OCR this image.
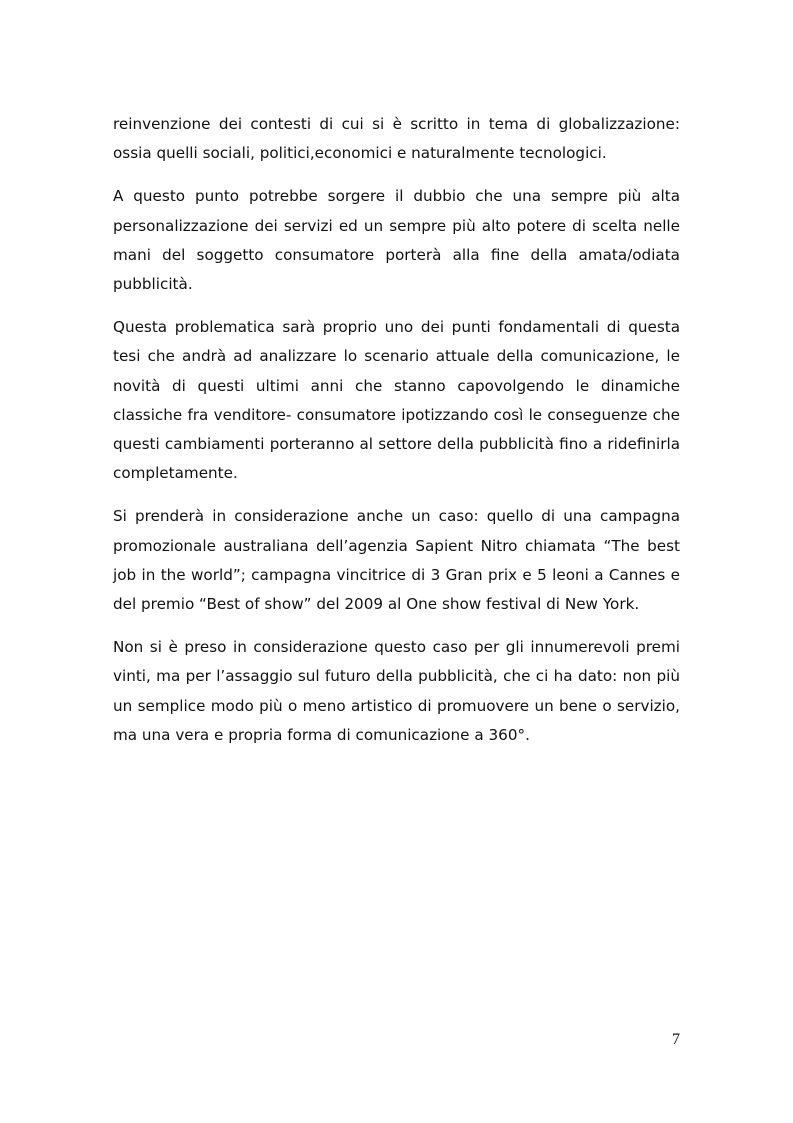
reinvenzione dei contesti di cui si è scritto in tema di globalizzazione: ossia quelli sociali, politici,economici e naturalmente tecnologici.

A questo punto potrebbe sorgere il dubbio che una sempre più alta personalizzazione dei servizi ed un sempre più alto potere di scelta nelle mani del soggetto consumatore porterà alla fine della amata/odiata pubblicità.

Questa problematica sarà proprio uno dei punti fondamentali di questa tesi che andrà ad analizzare lo scenario attuale della comunicazione, le novità di questi ultimi anni che stanno capovolgendo le dinamiche classiche fra venditore- consumatore ipotizzando così le conseguenze che questi cambiamenti porteranno al settore della pubblicità fino a ridefinirla completamente.

Si prenderà in considerazione anche un caso: quello di una campagna promozionale australiana dell’agenzia Sapient Nitro chiamata “The best job in the world”; campagna vincitrice di 3 Gran prix e 5 leoni a Cannes e del premio “Best of show” del 2009 al One show festival di New York.

Non si è preso in considerazione questo caso per gli innumerevoli premi vinti, ma per l’assaggio sul futuro della pubblicità, che ci ha dato: non più un semplice modo più o meno artistico di promuovere un bene o servizio, ma una vera e propria forma di comunicazione a 360°.

7
